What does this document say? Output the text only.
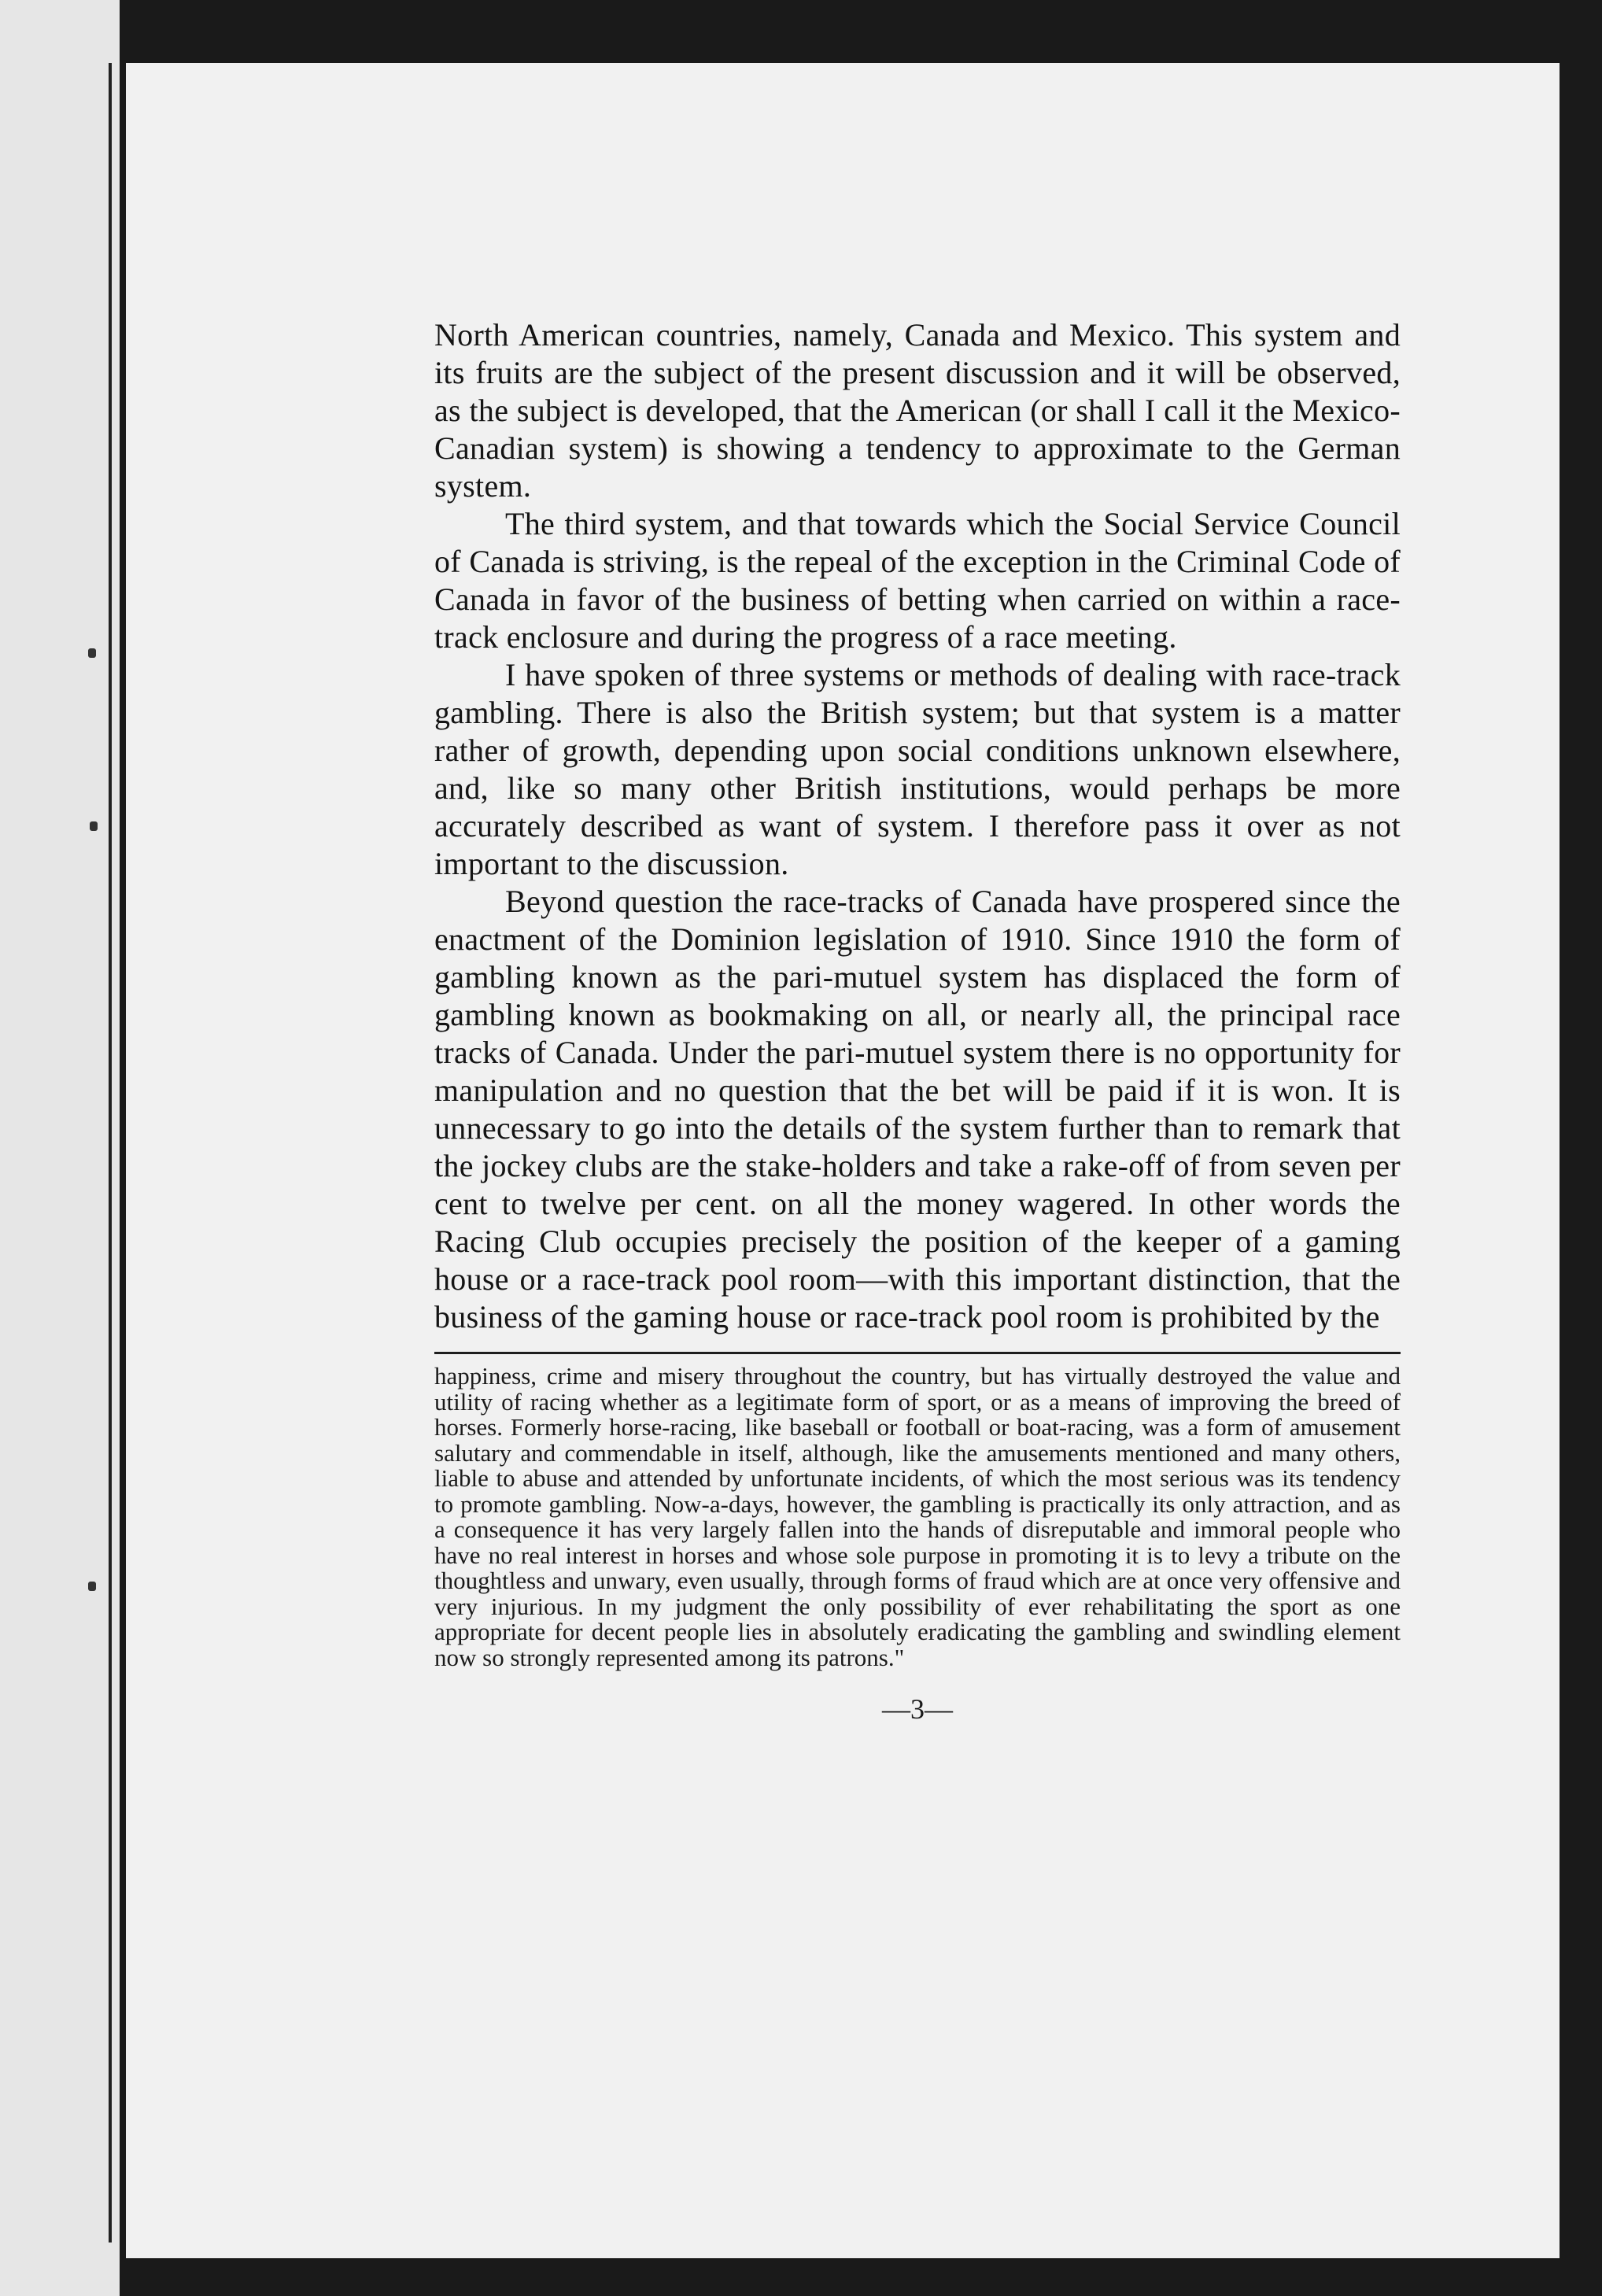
North American countries, namely, Canada and Mexico. This system and its fruits are the subject of the present discussion and it will be observed, as the subject is developed, that the American (or shall I call it the Mexico-Canadian system) is showing a tendency to approximate to the German system.

The third system, and that towards which the Social Service Council of Canada is striving, is the repeal of the exception in the Criminal Code of Canada in favor of the business of betting when carried on within a race-track enclosure and during the progress of a race meeting.

I have spoken of three systems or methods of dealing with race-track gambling. There is also the British system; but that system is a matter rather of growth, depending upon social conditions unknown elsewhere, and, like so many other British institutions, would perhaps be more accurately described as want of system. I therefore pass it over as not important to the discussion.

Beyond question the race-tracks of Canada have prospered since the enactment of the Dominion legislation of 1910. Since 1910 the form of gambling known as the pari-mutuel system has displaced the form of gambling known as bookmaking on all, or nearly all, the principal race tracks of Canada. Under the pari-mutuel system there is no opportunity for manipulation and no question that the bet will be paid if it is won. It is unnecessary to go into the details of the system further than to remark that the jockey clubs are the stake-holders and take a rake-off of from seven per cent to twelve per cent. on all the money wagered. In other words the Racing Club occupies precisely the position of the keeper of a gaming house or a race-track pool room—with this important distinction, that the business of the gaming house or race-track pool room is prohibited by the

happiness, crime and misery throughout the country, but has virtually destroyed the value and utility of racing whether as a legitimate form of sport, or as a means of improving the breed of horses. Formerly horse-racing, like baseball or football or boat-racing, was a form of amusement salutary and commendable in itself, although, like the amusements mentioned and many others, liable to abuse and attended by unfortunate incidents, of which the most serious was its tendency to promote gambling. Now-a-days, however, the gambling is practically its only attraction, and as a consequence it has very largely fallen into the hands of disreputable and immoral people who have no real interest in horses and whose sole purpose in promoting it is to levy a tribute on the thoughtless and unwary, even usually, through forms of fraud which are at once very offensive and very injurious. In my judgment the only possibility of ever rehabilitating the sport as one appropriate for decent people lies in absolutely eradicating the gambling and swindling element now so strongly represented among its patrons."

—3—
